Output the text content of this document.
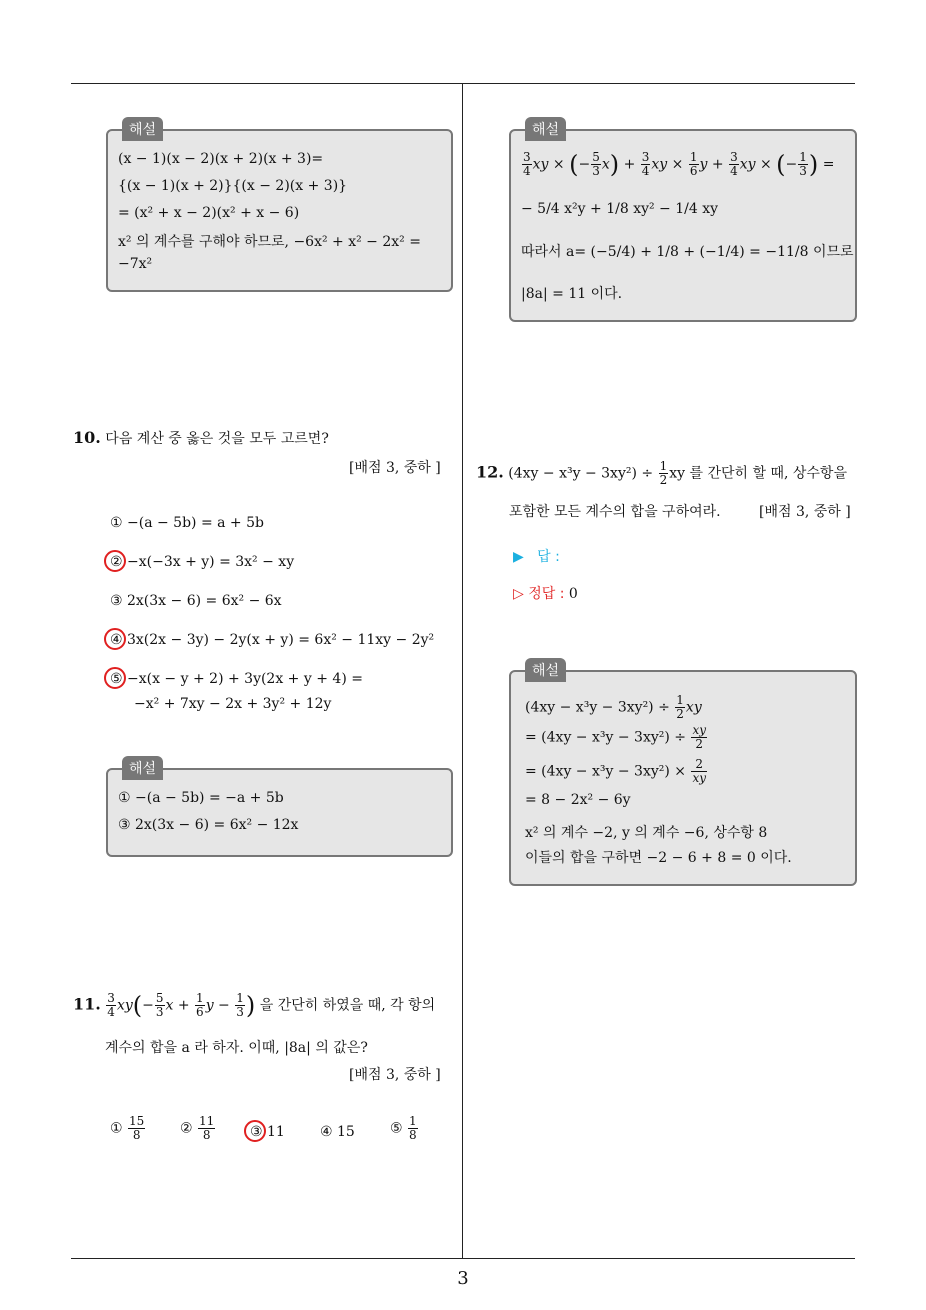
해설
(x − 1)(x − 2)(x + 2)(x + 3)=
{(x − 1)(x + 2)}{(x − 2)(x + 3)}
= (x² + x − 2)(x² + x − 6)
x² 의 계수를 구해야 하므로, −6x² + x² − 2x² =
−7x²
10. 다음 계산 중 옳은 것을 모두 고르면?
[배점 3, 중하 ]
① −(a − 5b) = a + 5b
② −x(−3x + y) = 3x² − xy
③ 2x(3x − 6) = 6x² − 6x
④ 3x(2x − 3y) − 2y(x + y) = 6x² − 11xy − 2y²
⑤ −x(x − y + 2) + 3y(2x + y + 4) =
−x² + 7xy − 2x + 3y² + 12y
해설
① −(a − 5b) = −a + 5b
③ 2x(3x − 6) = 6x² − 12x
11. $\frac{3}{4} xy(- \frac{5}{3}$ $x + \frac{1}{6}$ $y - \frac{1}{3}$ ) 을 간단히 하였을 때, 각 항의
계수의 합을 a 라 하자. 이때, |8a| 의 값은?
[배점 3, 중하 ]
① $\frac{15}{8}$ ② $\frac{11}{8}$ ③ 11	④ 15	⑤ $\frac{1}{8}$
해설
$\frac{3}{4}$ xy × (− $\frac{5}{3} x) + \frac{3}{4}$ xy × $\frac{1}{6}$ $y + \frac{3}{4}$ xy × (− $\frac{1}{3}$ ) =
− 5/4 x²y + 1/8 xy² − 1/4 xy
따라서 a= (−5/4) + 1/8 + (−1/4) = −11/8 이므로
|8a| = 11 이다.
12. $(4xy - x^3y - 3xy^2) \div \frac{1}{2}$ xy 를 간단히 할 때, 상수항을
포함한 모든 계수의 합을 구하여라.	[배점 3, 중하 ]
▶ 답 :
▷ 정답 : 0
해설
$(4xy - x^3y - 3xy^2) \div \frac{1}{2}$ xy
= $(4xy - x^3y - 3xy^2) \div \frac{xy}{2}$
= $(4xy - x^3y - 3xy^2) \times \frac{2}{xy}$
= 8 − 2x² − 6y
x² 의 계수 −2, y 의 계수 −6, 상수항 8
이들의 합을 구하면 −2 − 6 + 8 = 0 이다.
3
